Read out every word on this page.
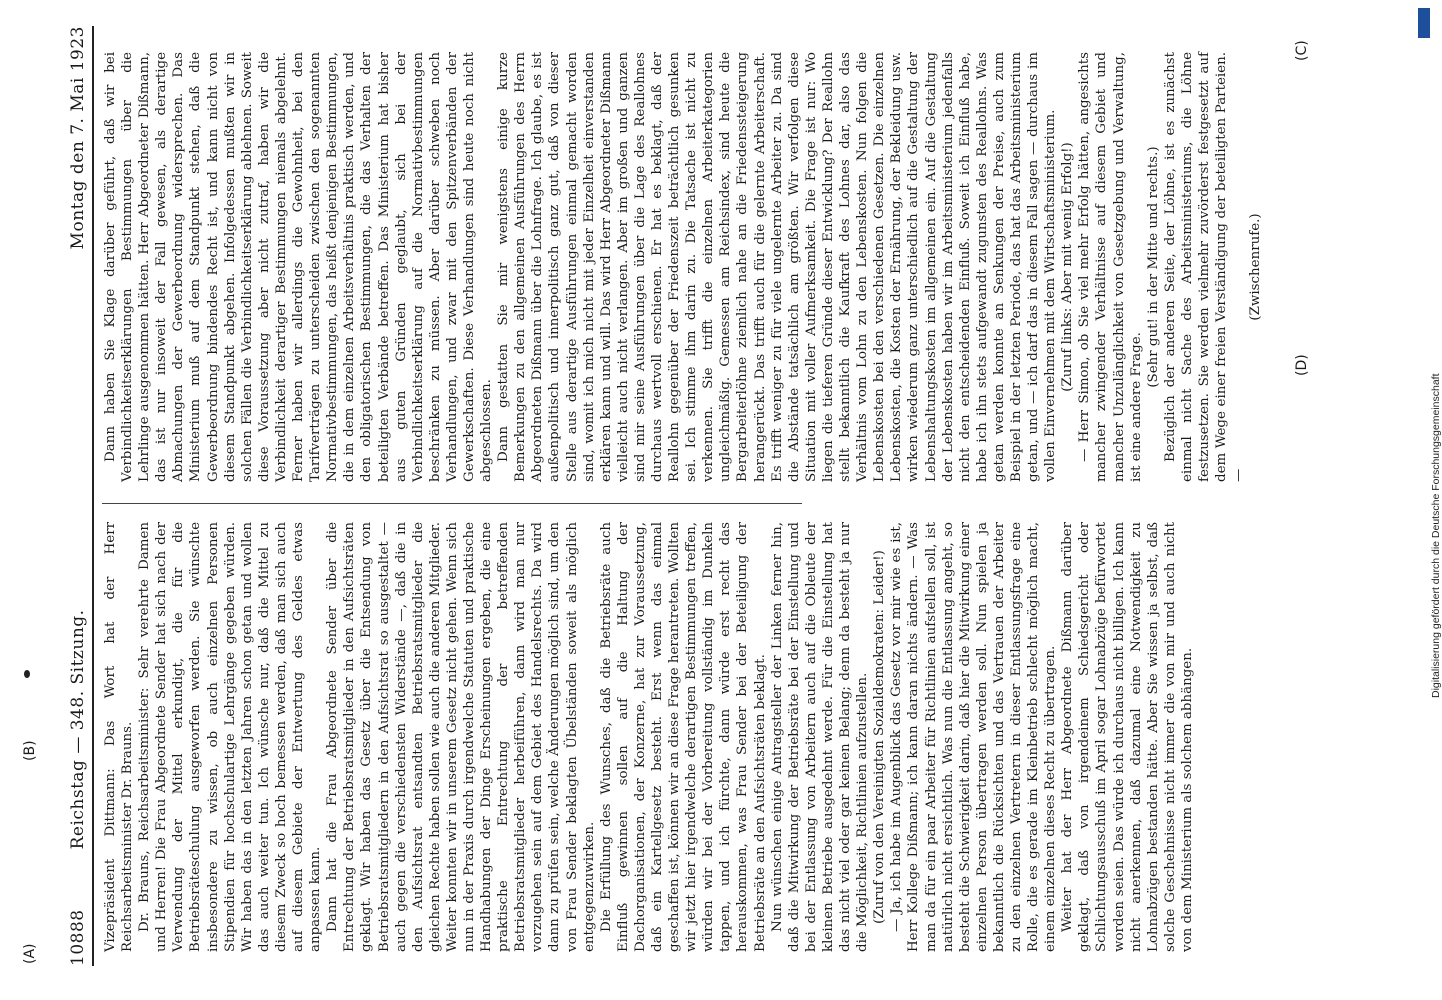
10888
Reichstag — 348. Sitzung.
Montag den 7. Mai 1923

Vizepräsident Dittmann: Das Wort hat der Herr Reichsarbeitsminister Dr. Brauns. Dr. Brauns, Reichsarbeitsminister: Sehr verehrte Damen und Herren! Die Frau Abgeordnete Sender hat sich nach der Verwendung der Mittel erkundigt, die für die Betriebsräteschulung ausgeworfen werden. Sie wünschte insbesondere zu wissen, ob auch einzelnen Personen Stipendien für hochschulartige Lehrgänge gegeben würden. Wir haben das in den letzten Jahren schon getan und wollen das auch weiter tun. Ich wünsche nur, daß die Mittel zu diesem Zweck so hoch bemessen werden, daß man sich auch auf diesem Gebiete der Entwertung des Geldes etwas anpassen kann. Dann hat die Frau Abgeordnete Sender über die Entrechtung der Betriebsratsmitglieder in den Aufsichtsräten geklagt. Wir haben das Gesetz über die Entsendung von Betriebsratsmitgliedern in den Aufsichtsrat so ausgestaltet — auch gegen die verschiedensten Widerstände —, daß die in den Aufsichtsrat entsandten Betriebsratsmitglieder die gleichen Rechte haben sollen wie auch die anderen Mitglieder. Weiter konnten wir in unserem Gesetz nicht gehen. Wenn sich nun in der Praxis durch irgendwelche Statuten und praktische Handhabungen der Dinge Erscheinungen ergeben, die eine praktische Entrechtung der betreffenden Betriebsratsmitglieder herbeiführen, dann wird man nur vorzugehen sein auf dem Gebiet des Handelsrechts. Da wird dann zu prüfen sein, welche Änderungen möglich sind, um den von Frau Sender beklagten Übelständen soweit als möglich entgegenzuwirken. Die Erfüllung des Wunsches, daß die Betriebsräte auch Einfluß gewinnen sollen auf die Haltung der Dachorganisationen, der Konzerne, hat zur Voraussetzung, daß ein Kartellgesetz besteht. Erst wenn das einmal geschaffen ist, können wir an diese Frage herantreten. Wollten wir jetzt hier irgendwelche derartigen Bestimmungen treffen, würden wir bei der Vorbereitung vollständig im Dunkeln tappen, und ich fürchte, dann würde erst recht das herauskommen, was Frau Sender bei der Beteiligung der Betriebsräte an den Aufsichtsräten beklagt. Nun wünschen einige Antragsteller der Linken ferner hin, daß die Mitwirkung der Betriebsräte bei der Einstellung und bei der Entlassung von Arbeitern auch auf die Obleute der kleinen Betriebe ausgedehnt werde. Für die Einstellung hat das nicht viel oder gar keinen Belang; denn da besteht ja nur die Möglichkeit, Richtlinien aufzustellen. (Zuruf von den Vereinigten Sozialdemokraten: Leider!) — Ja, ich habe im Augenblick das Gesetz vor mir wie es ist, Herr Kollege Dißmann; ich kann daran nichts ändern. — Was man da für ein paar Arbeiter für Richtlinien aufstellen soll, ist natürlich nicht ersichtlich. Was nun die Entlassung angeht, so besteht die Schwierigkeit darin, daß hier die Mitwirkung einer einzelnen Person übertragen werden soll. Nun spielen ja bekanntlich die Rücksichten und das Vertrauen der Arbeiter zu den einzelnen Vertretern in dieser Entlassungsfrage eine Rolle, die es gerade im Kleinbetrieb schlecht möglich macht, einem einzelnen dieses Recht zu übertragen. Weiter hat der Herr Abgeordnete Dißmann darüber geklagt, daß von irgendeinem Schiedsgericht oder Schlichtungsausschuß im April sogar Lohnabzüge befürwortet worden seien. Das würde ich durchaus nicht billigen. Ich kann nicht anerkennen, daß dazumal eine Notwendigkeit zu Lohnabzügen bestanden hätte. Aber Sie wissen ja selbst, daß solche Geschehnisse nicht immer die von mir und auch nicht von dem Ministerium als solchem abhängen.

Dann haben Sie Klage darüber geführt, daß wir bei Verbindlichkeitserklärungen Bestimmungen über die Lehrlinge ausgenommen hätten. Herr Abgeordneter Dißmann, das ist nur insoweit der Fall gewesen, als derartige Abmachungen der Gewerbeordnung widersprechen. Das Ministerium muß auf dem Standpunkt stehen, daß die Gewerbeordnung bindendes Recht ist, und kann nicht von diesem Standpunkt abgehen. Infolgedessen mußten wir in solchen Fällen die Verbindlichkeitserklärung ablehnen. Soweit diese Voraussetzung aber nicht zutraf, haben wir die Verbindlichkeit derartiger Bestimmungen niemals abgelehnt. Ferner haben wir allerdings die Gewohnheit, bei den Tarifverträgen zu unterscheiden zwischen den sogenannten Normativbestimmungen, das heißt denjenigen Bestimmungen, die in dem einzelnen Arbeitsverhältnis praktisch werden, und den obligatorischen Bestimmungen, die das Verhalten der beteiligten Verbände betreffen. Das Ministerium hat bisher aus guten Gründen geglaubt, sich bei der Verbindlichkeitserklärung auf die Normativbestimmungen beschränken zu müssen. Aber darüber schweben noch Verhandlungen, und zwar mit den Spitzenverbänden der Gewerkschaften. Diese Verhandlungen sind heute noch nicht abgeschlossen. Dann gestatten Sie mir wenigstens einige kurze Bemerkungen zu den allgemeinen Ausführungen des Herrn Abgeordneten Dißmann über die Lohnfrage. Ich glaube, es ist außenpolitisch und innerpolitisch ganz gut, daß von dieser Stelle aus derartige Ausführungen einmal gemacht worden sind, womit ich mich nicht mit jeder Einzelheit einverstanden erklären kann und will. Das wird Herr Abgeordneter Dißmann vielleicht auch nicht verlangen. Aber im großen und ganzen sind mir seine Ausführungen über die Lage des Reallohnes durchaus wertvoll erschienen. Er hat es beklagt, daß der Reallohn gegenüber der Friedenszeit beträchtlich gesunken sei. Ich stimme ihm darin zu. Die Tatsache ist nicht zu verkennen. Sie trifft die einzelnen Arbeiterkategorien ungleichmäßig. Gemessen am Reichsindex, sind heute die Bergarbeiterlöhne ziemlich nahe an die Friedenssteigerung herangerückt. Das trifft auch für die gelernte Arbeiterschaft. Es trifft weniger zu für viele ungelernte Arbeiter zu. Da sind die Abstände tatsächlich am größten. Wir verfolgen diese Situation mit voller Aufmerksamkeit. Die Frage ist nur: Wo liegen die tieferen Gründe dieser Entwicklung? Der Reallohn stellt bekanntlich die Kaufkraft des Lohnes dar, also das Verhältnis vom Lohn zu den Lebenskosten. Nun folgen die Lebenskosten bei den verschiedenen Gesetzen. Die einzelnen Lebenskosten, die Kosten der Ernährung, der Bekleidung usw. wirken wiederum ganz unterschiedlich auf die Gestaltung der Lebenshaltungskosten im allgemeinen ein. Auf die Gestaltung der Lebenskosten haben wir im Arbeitsministerium jedenfalls nicht den entscheidenden Einfluß. Soweit ich Einfluß habe, habe ich ihn stets aufgewandt zugunsten des Reallohns. Was getan werden konnte an Senkungen der Preise, auch zum Beispiel in der letzten Periode, das hat das Arbeitsministerium getan, und — ich darf das in diesem Fall sagen — durchaus im vollen Einvernehmen mit dem Wirtschaftsministerium. (Zuruf links: Aber mit wenig Erfolg!) — Herr Simon, ob Sie viel mehr Erfolg hätten, angesichts mancher zwingender Verhältnisse auf diesem Gebiet und mancher Unzulänglichkeit von Gesetzgebung und Verwaltung, ist eine andere Frage.

(Sehr gut! in der Mitte und rechts.) Bezüglich der anderen Seite, der Löhne, ist es zunächst einmal nicht Sache des Arbeitsministeriums, die Löhne festzusetzen. Sie werden vielmehr zuvörderst festgesetzt auf dem Wege einer freien Verständigung der beteiligten Parteien. —

(Zwischenrufe.)

(A)
(B)
(C)
(D)
Digitalisierung gefördert durch die Deutsche Forschungsgemeinschaft
